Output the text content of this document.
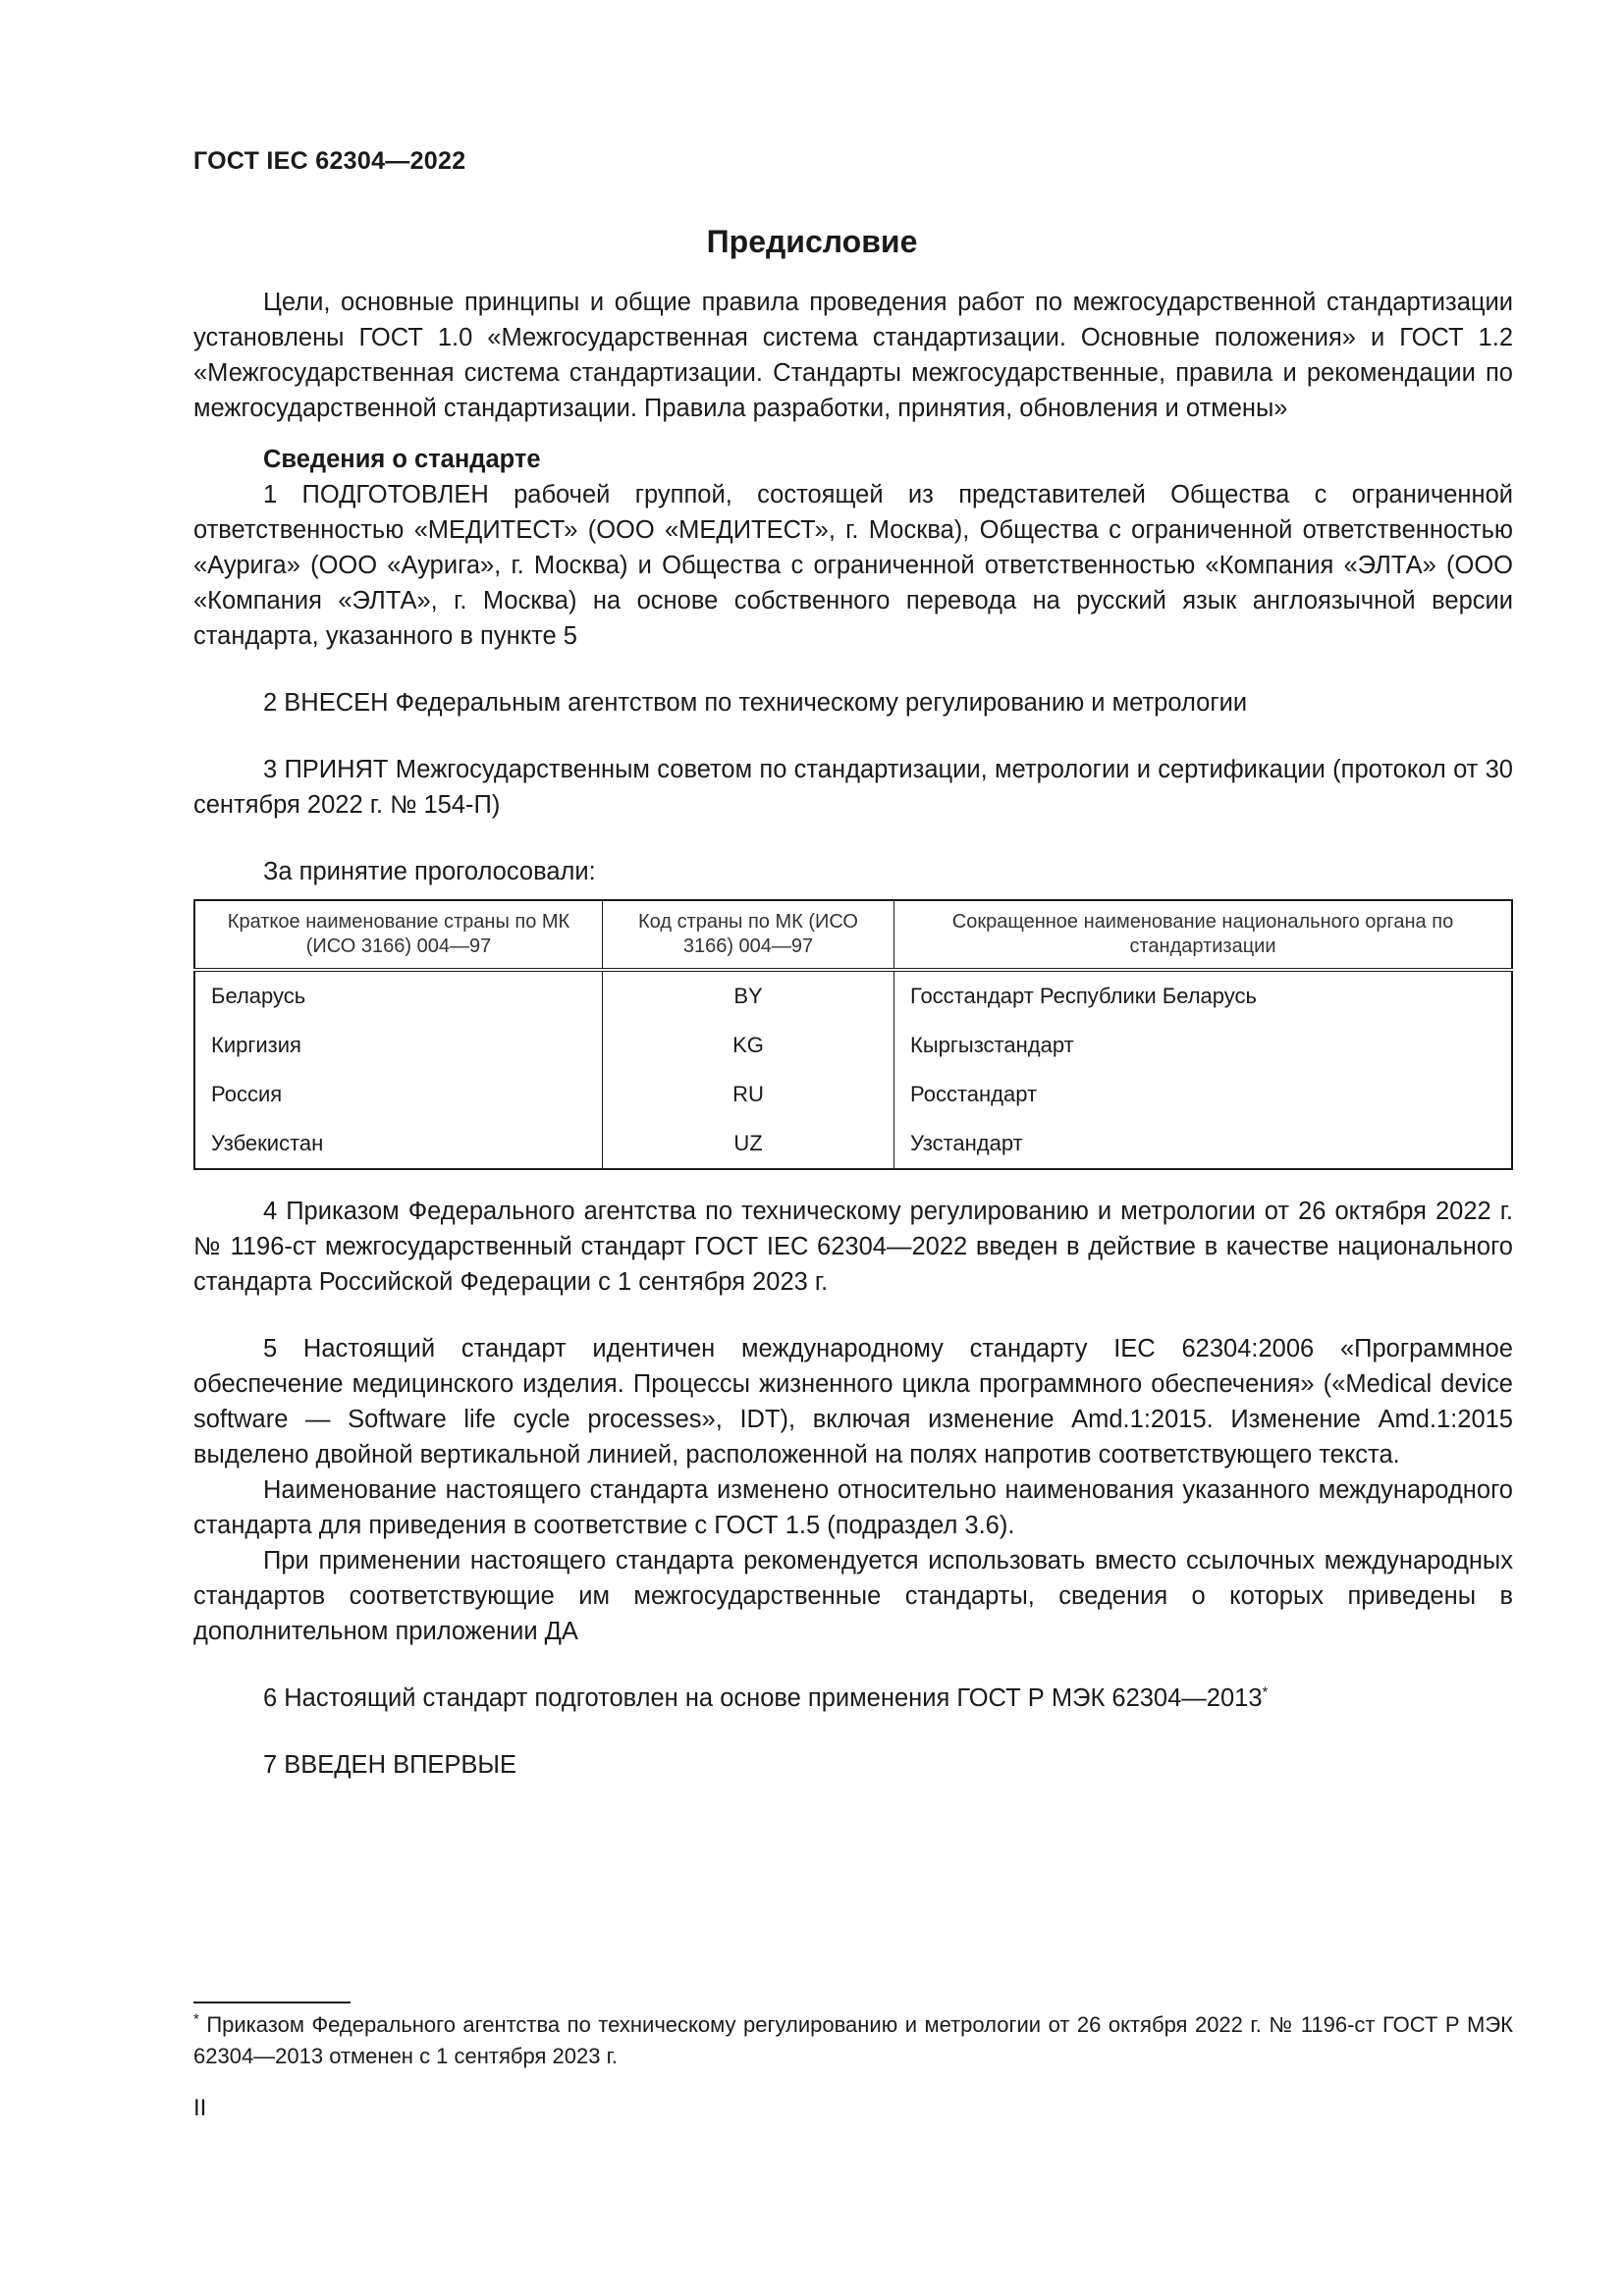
ГОСТ IEC 62304—2022
Предисловие

Цели, основные принципы и общие правила проведения работ по межгосударственной стандартизации установлены ГОСТ 1.0 «Межгосударственная система стандартизации. Основные положения» и ГОСТ 1.2 «Межгосударственная система стандартизации. Стандарты межгосударственные, правила и рекомендации по межгосударственной стандартизации. Правила разработки, принятия, обновления и отмены»

Сведения о стандарте

1 ПОДГОТОВЛЕН рабочей группой, состоящей из представителей Общества с ограниченной ответственностью «МЕДИТЕСТ» (ООО «МЕДИТЕСТ», г. Москва), Общества с ограниченной ответственностью «Аурига» (ООО «Аурига», г. Москва) и Общества с ограниченной ответственностью «Компания «ЭЛТА» (ООО «Компания «ЭЛТА», г. Москва) на основе собственного перевода на русский язык англоязычной версии стандарта, указанного в пункте 5

2 ВНЕСЕН Федеральным агентством по техническому регулированию и метрологии

3 ПРИНЯТ Межгосударственным советом по стандартизации, метрологии и сертификации (протокол от 30 сентября 2022 г. № 154-П)

За принятие проголосовали:

Краткое наименование страны по МК (ИСО 3166) 004—97	Код страны по МК (ИСО 3166) 004—97	Сокращенное наименование национального органа по стандартизации
Беларусь	BY	Госстандарт Республики Беларусь
Киргизия	KG	Кыргызстандарт
Россия	RU	Росстандарт
Узбекистан	UZ	Узстандарт

4 Приказом Федерального агентства по техническому регулированию и метрологии от 26 октября 2022 г. № 1196-ст межгосударственный стандарт ГОСТ IEC 62304—2022 введен в действие в качестве национального стандарта Российской Федерации с 1 сентября 2023 г.

5 Настоящий стандарт идентичен международному стандарту IEC 62304:2006 «Программное обеспечение медицинского изделия. Процессы жизненного цикла программного обеспечения» («Medical device software — Software life cycle processes», IDT), включая изменение Amd.1:2015. Изменение Amd.1:2015 выделено двойной вертикальной линией, расположенной на полях напротив соответствующего текста.

Наименование настоящего стандарта изменено относительно наименования указанного международного стандарта для приведения в соответствие с ГОСТ 1.5 (подраздел 3.6).

При применении настоящего стандарта рекомендуется использовать вместо ссылочных международных стандартов соответствующие им межгосударственные стандарты, сведения о которых приведены в дополнительном приложении ДА

6 Настоящий стандарт подготовлен на основе применения ГОСТ Р МЭК 62304—2013*

7 ВВЕДЕН ВПЕРВЫЕ

* Приказом Федерального агентства по техническому регулированию и метрологии от 26 октября 2022 г. № 1196-ст ГОСТ Р МЭК 62304—2013 отменен с 1 сентября 2023 г.
II
